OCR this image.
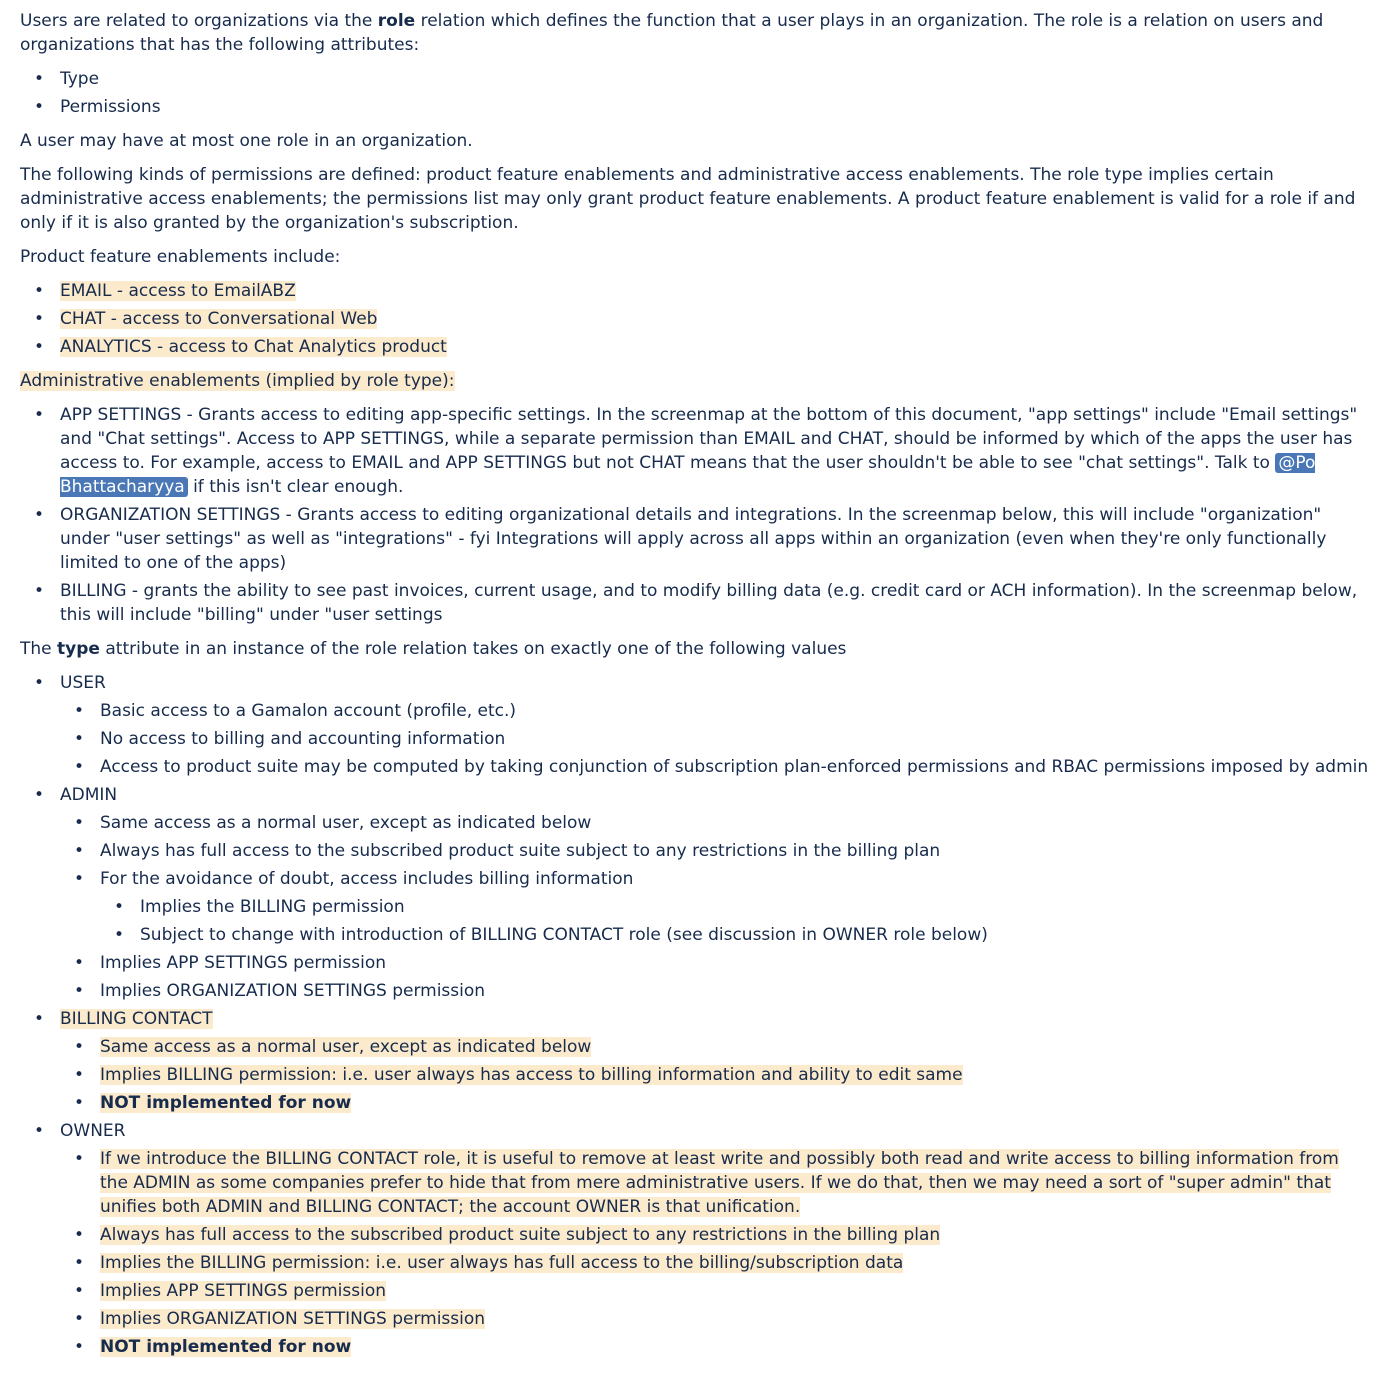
Users are related to organizations via the role relation which defines the function that a user plays in an organization. The role is a relation on users and organizations that has the following attributes:

• Type
• Permissions

A user may have at most one role in an organization.

The following kinds of permissions are defined: product feature enablements and administrative access enablements. The role type implies certain administrative access enablements; the permissions list may only grant product feature enablements. A product feature enablement is valid for a role if and only if it is also granted by the organization's subscription.

Product feature enablements include:

• EMAIL - access to EmailABZ
• CHAT - access to Conversational Web
• ANALYTICS - access to Chat Analytics product

Administrative enablements (implied by role type):

• APP SETTINGS - Grants access to editing app-specific settings. In the screenmap at the bottom of this document, "app settings" include "Email settings" and "Chat settings". Access to APP SETTINGS, while a separate permission than EMAIL and CHAT, should be informed by which of the apps the user has access to. For example, access to EMAIL and APP SETTINGS but not CHAT means that the user shouldn't be able to see "chat settings". Talk to @Po Bhattacharyya if this isn't clear enough.
• ORGANIZATION SETTINGS - Grants access to editing organizational details and integrations. In the screenmap below, this will include "organization" under "user settings" as well as "integrations" - fyi Integrations will apply across all apps within an organization (even when they're only functionally limited to one of the apps)
• BILLING - grants the ability to see past invoices, current usage, and to modify billing data (e.g. credit card or ACH information). In the screenmap below, this will include "billing" under "user settings

The type attribute in an instance of the role relation takes on exactly one of the following values

• USER
• Basic access to a Gamalon account (profile, etc.)
• No access to billing and accounting information
• Access to product suite may be computed by taking conjunction of subscription plan-enforced permissions and RBAC permissions imposed by admin
• ADMIN
• Same access as a normal user, except as indicated below
• Always has full access to the subscribed product suite subject to any restrictions in the billing plan
• For the avoidance of doubt, access includes billing information
• Implies the BILLING permission
• Subject to change with introduction of BILLING CONTACT role (see discussion in OWNER role below)
• Implies APP SETTINGS permission
• Implies ORGANIZATION SETTINGS permission
• BILLING CONTACT
• Same access as a normal user, except as indicated below
• Implies BILLING permission: i.e. user always has access to billing information and ability to edit same
• NOT implemented for now
• OWNER
• If we introduce the BILLING CONTACT role, it is useful to remove at least write and possibly both read and write access to billing information from the ADMIN as some companies prefer to hide that from mere administrative users. If we do that, then we may need a sort of "super admin" that unifies both ADMIN and BILLING CONTACT; the account OWNER is that unification.
• Always has full access to the subscribed product suite subject to any restrictions in the billing plan
• Implies the BILLING permission: i.e. user always has full access to the billing/subscription data
• Implies APP SETTINGS permission
• Implies ORGANIZATION SETTINGS permission
• NOT implemented for now
